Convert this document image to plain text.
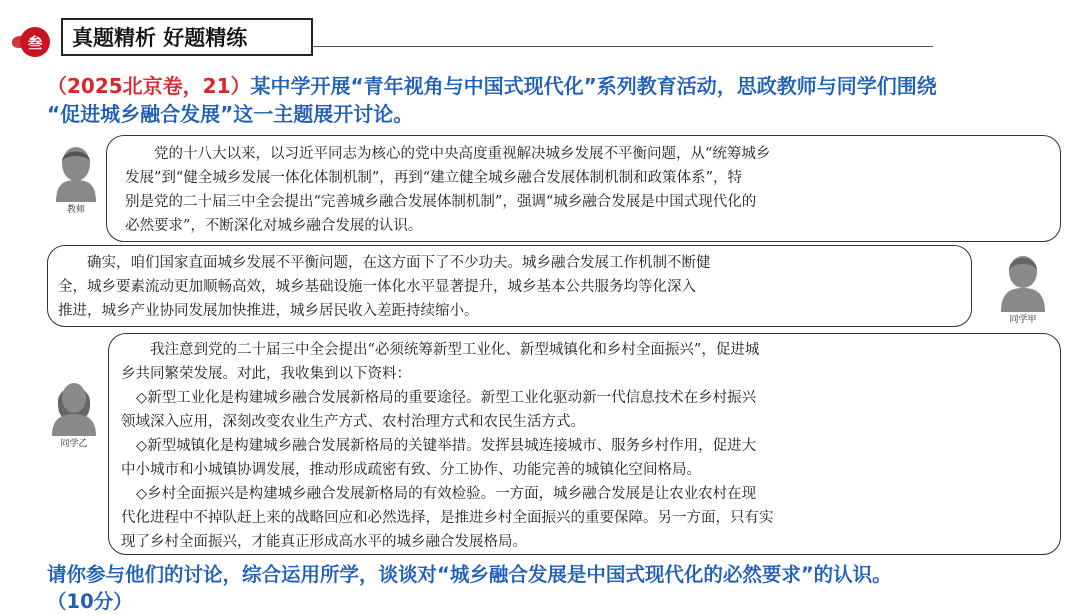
叁 真题精析 好题精练
（2025北京卷，21）某中学开展“青年视角与中国式现代化”系列教育活动，思政教师与同学们围绕
“促进城乡融合发展”这一主题展开讨论。
教师

党的十八大以来，以习近平同志为核心的党中央高度重视解决城乡发展不平衡问题，从“统筹城乡

发展”到“健全城乡发展一体化体制机制”，再到“建立健全城乡融合发展体制机制和政策体系”，特

别是党的二十届三中全会提出“完善城乡融合发展体制机制”，强调“城乡融合发展是中国式现代化的

必然要求”，不断深化对城乡融合发展的认识。

确实，咱们国家直面城乡发展不平衡问题，在这方面下了不少功夫。城乡融合发展工作机制不断健

全，城乡要素流动更加顺畅高效，城乡基础设施一体化水平显著提升，城乡基本公共服务均等化深入

推进，城乡产业协同发展加快推进，城乡居民收入差距持续缩小。

同学甲
同学乙

我注意到党的二十届三中全会提出“必须统筹新型工业化、新型城镇化和乡村全面振兴”，促进城

乡共同繁荣发展。对此，我收集到以下资料：

◇新型工业化是构建城乡融合发展新格局的重要途径。新型工业化驱动新一代信息技术在乡村振兴

领域深入应用，深刻改变农业生产方式、农村治理方式和农民生活方式。

◇新型城镇化是构建城乡融合发展新格局的关键举措。发挥县城连接城市、服务乡村作用，促进大

中小城市和小城镇协调发展，推动形成疏密有致、分工协作、功能完善的城镇化空间格局。

◇乡村全面振兴是构建城乡融合发展新格局的有效检验。一方面，城乡融合发展是让农业农村在现

代化进程中不掉队赶上来的战略回应和必然选择，是推进乡村全面振兴的重要保障。另一方面，只有实

现了乡村全面振兴，才能真正形成高水平的城乡融合发展格局。

请你参与他们的讨论，综合运用所学，谈谈对“城乡融合发展是中国式现代化的必然要求”的认识。
（10分）
